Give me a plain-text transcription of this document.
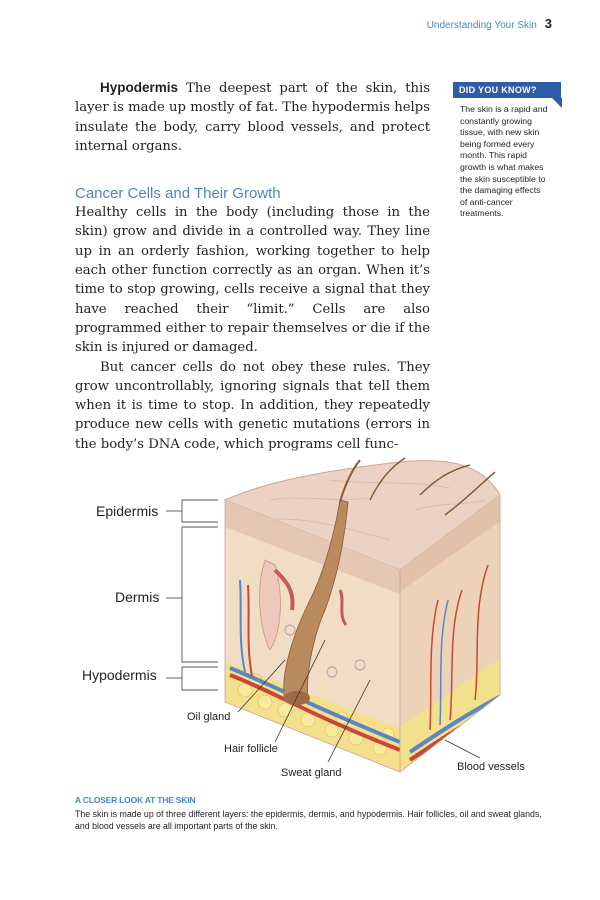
Understanding Your Skin 3

Hypodermis The deepest part of the skin, this layer is made up mostly of fat. The hypodermis helps insulate the body, carry blood vessels, and protect internal organs.

Cancer Cells and Their Growth

Healthy cells in the body (including those in the skin) grow and divide in a controlled way. They line up in an orderly fashion, working together to help each other function correctly as an organ. When it’s time to stop growing, cells receive a signal that they have reached their “limit.” Cells are also programmed either to repair themselves or die if the skin is injured or damaged.

But cancer cells do not obey these rules. They grow uncontrollably, ignoring signals that tell them when it is time to stop. In addition, they repeatedly produce new cells with genetic mutations (errors in the body’s DNA code, which programs cell func-

DID YOU KNOW?
The skin is a rapid and constantly growing tissue, with new skin being formed every month. This rapid growth is what makes the skin susceptible to the damaging effects of anti-cancer treatments.
Epidermis
Dermis
Hypodermis
Oil gland
Hair follicle
Sweat gland	Blood vessels
A CLOSER LOOK AT THE SKIN
The skin is made up of three different layers: the epidermis, dermis, and hypodermis. Hair follicles, oil and sweat glands, and blood vessels are all important parts of the skin.
